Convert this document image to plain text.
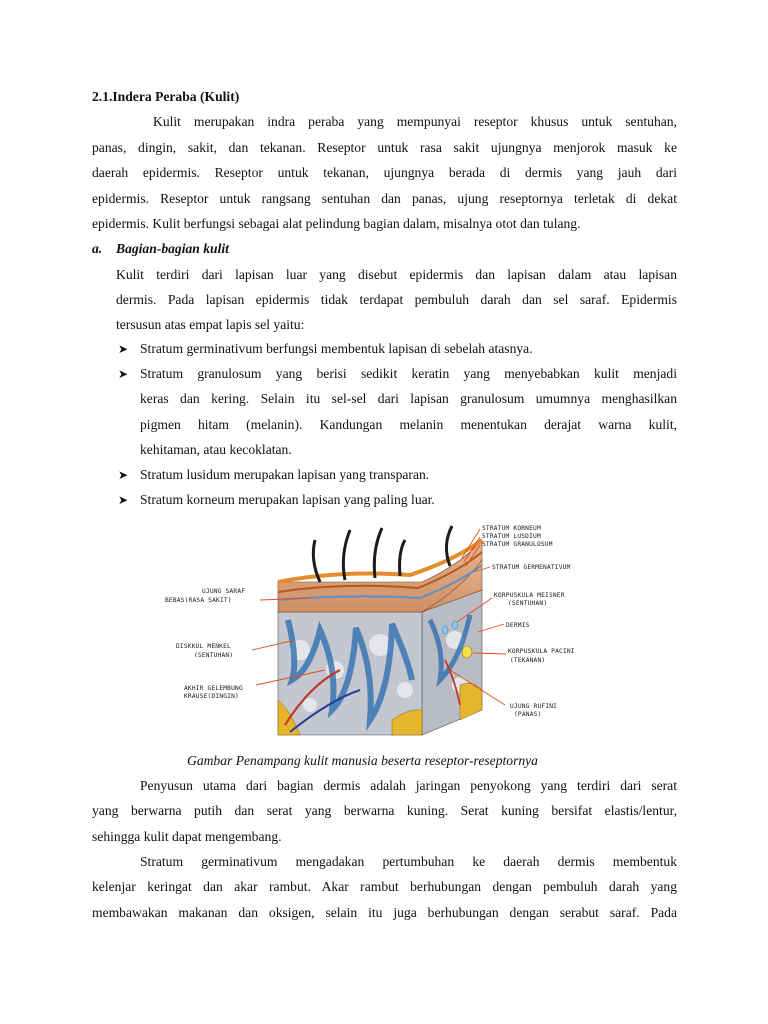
2.1.Indera Peraba (Kulit)
Kulit merupakan indra peraba yang mempunyai reseptor khusus untuk sentuhan,
panas, dingin, sakit, dan tekanan. Reseptor untuk rasa sakit ujungnya menjorok masuk ke
daerah epidermis. Reseptor untuk tekanan, ujungnya berada di dermis yang jauh dari
epidermis. Reseptor untuk rangsang sentuhan dan panas, ujung reseptornya terletak di dekat
epidermis. Kulit berfungsi sebagai alat pelindung bagian dalam, misalnya otot dan tulang.
a. Bagian-bagian kulit
Kulit terdiri dari lapisan luar yang disebut epidermis dan lapisan dalam atau lapisan
dermis. Pada lapisan epidermis tidak terdapat pembuluh darah dan sel saraf. Epidermis
tersusun atas empat lapis sel yaitu:
➤ Stratum germinativum berfungsi membentuk lapisan di sebelah atasnya.
➤ Stratum granulosum yang berisi sedikit keratin yang menyebabkan kulit menjadi
keras dan kering. Selain itu sel-sel dari lapisan granulosum umumnya menghasilkan
pigmen hitam (melanin). Kandungan melanin menentukan derajat warna kulit,
kehitaman, atau kecoklatan.
➤ Stratum lusidum merupakan lapisan yang transparan.
➤ Stratum korneum merupakan lapisan yang paling luar.
STRATUM KORNEUM
STRATUM LUSDIUM
STRATUM GRANULOSUM
STRATUM GERMENATIVUM
UJUNG SARAF
BEBAS(RASA SAKIT)
KORPUSKULA MEISNER
(SENTUHAN)
DERMIS
DISKKUL MENKEL
(SENTUHAN)
KORPUSKULA PACINI
(TEKANAN)
AKHIR GELEMBUNG
KRAUSE(DINGIN)
UJUNG RUFINI
(PANAS)
Gambar Penampang kulit manusia beserta reseptor-reseptornya
Penyusun utama dari bagian dermis adalah jaringan penyokong yang terdiri dari serat
yang berwarna putih dan serat yang berwarna kuning. Serat kuning bersifat elastis/lentur,
sehingga kulit dapat mengembang.
Stratum germinativum mengadakan pertumbuhan ke daerah dermis membentuk
kelenjar keringat dan akar rambut. Akar rambut berhubungan dengan pembuluh darah yang
membawakan makanan dan oksigen, selain itu juga berhubungan dengan serabut saraf. Pada
